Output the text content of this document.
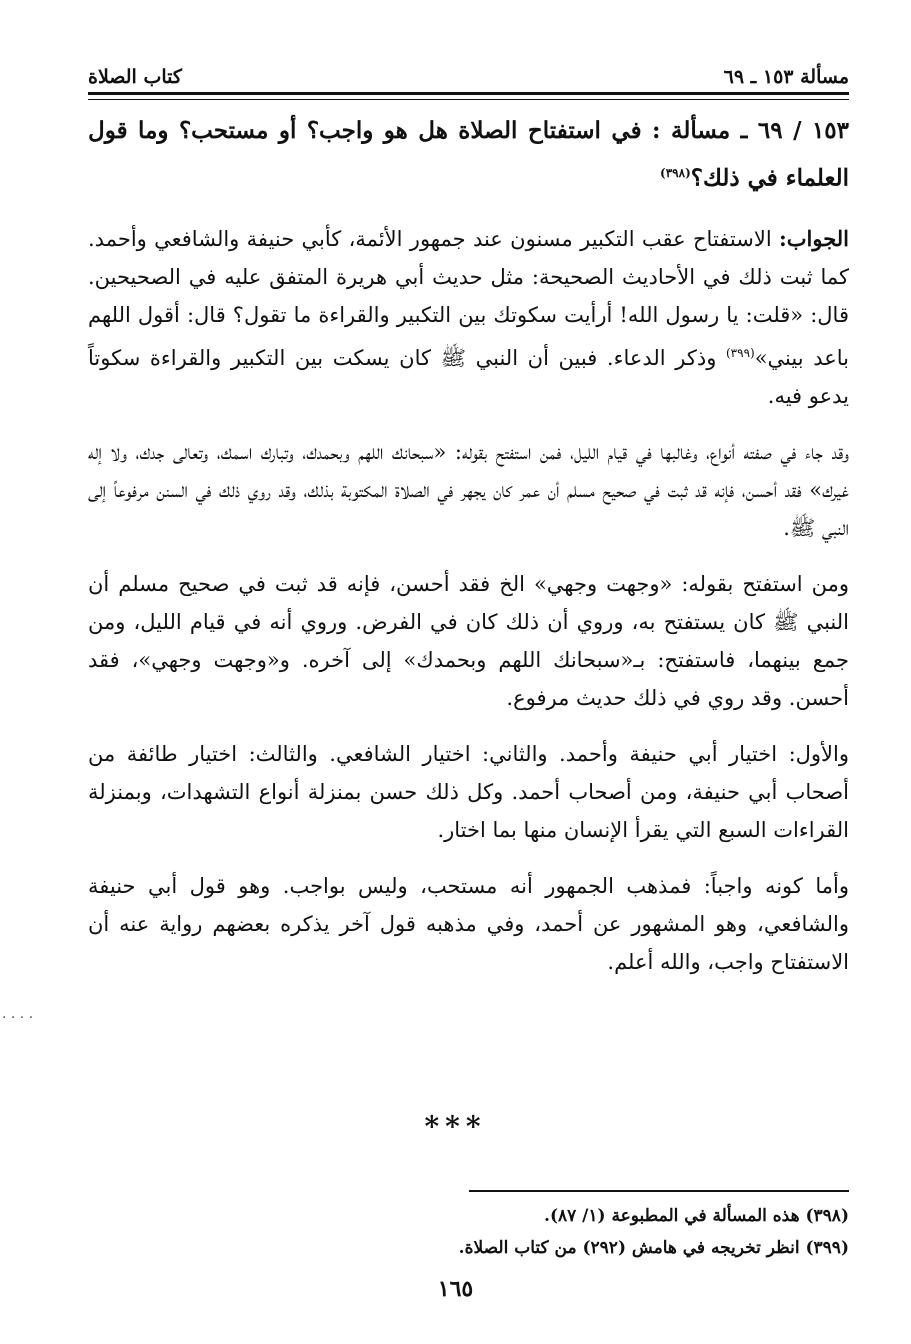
مسألة ١٥٣ ـ ٦٩
كتاب الصلاة

١٥٣ / ٦٩ ـ مسألة : في استفتاح الصلاة هل هو واجب؟ أو مستحب؟ وما قول العلماء في ذلك؟$^{(٣٩٨)}$

الجواب: الاستفتاح عقب التكبير مسنون عند جمهور الأئمة، كأبي حنيفة والشافعي وأحمد. كما ثبت ذلك في الأحاديث الصحيحة: مثل حديث أبي هريرة المتفق عليه في الصحيحين. قال: «قلت: يا رسول الله! أرأيت سكوتك بين التكبير والقراءة ما تقول؟ قال: أقول اللهم باعد بيني»$^{(٣٩٩)}$ وذكر الدعاء. فبين أن النبي ﷺ كان يسكت بين التكبير والقراءة سكوتاً يدعو فيه.

وقد جاء في صفته أنواع، وغالبها في قيام الليل، فمن استفتح بقوله: «سبحانك اللهم وبحمدك، وتبارك اسمك، وتعالى جدك، ولا إله غيرك» فقد أحسن، فإنه قد ثبت في صحيح مسلم أن عمر كان يجهر في الصلاة المكتوبة بذلك، وقد روي ذلك في السنن مرفوعاً إلى النبي ﷺ.

ومن استفتح بقوله: «وجهت وجهي» الخ فقد أحسن، فإنه قد ثبت في صحيح مسلم أن النبي ﷺ كان يستفتح به، وروي أن ذلك كان في الفرض. وروي أنه في قيام الليل، ومن جمع بينهما، فاستفتح: بـ«سبحانك اللهم وبحمدك» إلى آخره. و«وجهت وجهي»، فقد أحسن. وقد روي في ذلك حديث مرفوع.

والأول: اختيار أبي حنيفة وأحمد. والثاني: اختيار الشافعي. والثالث: اختيار طائفة من أصحاب أبي حنيفة، ومن أصحاب أحمد. وكل ذلك حسن بمنزلة أنواع التشهدات، وبمنزلة القراءات السبع التي يقرأ الإنسان منها بما اختار.

وأما كونه واجباً: فمذهب الجمهور أنه مستحب، وليس بواجب. وهو قول أبي حنيفة والشافعي، وهو المشهور عن أحمد، وفي مذهبه قول آخر يذكره بعضهم رواية عنه أن الاستفتاح واجب، والله أعلم.

***

(٣٩٨) هذه المسألة في المطبوعة (١/ ٨٧).

(٣٩٩) انظر تخريجه في هامش (٢٩٢) من كتاب الصلاة.

١٦٥
· · · ·
